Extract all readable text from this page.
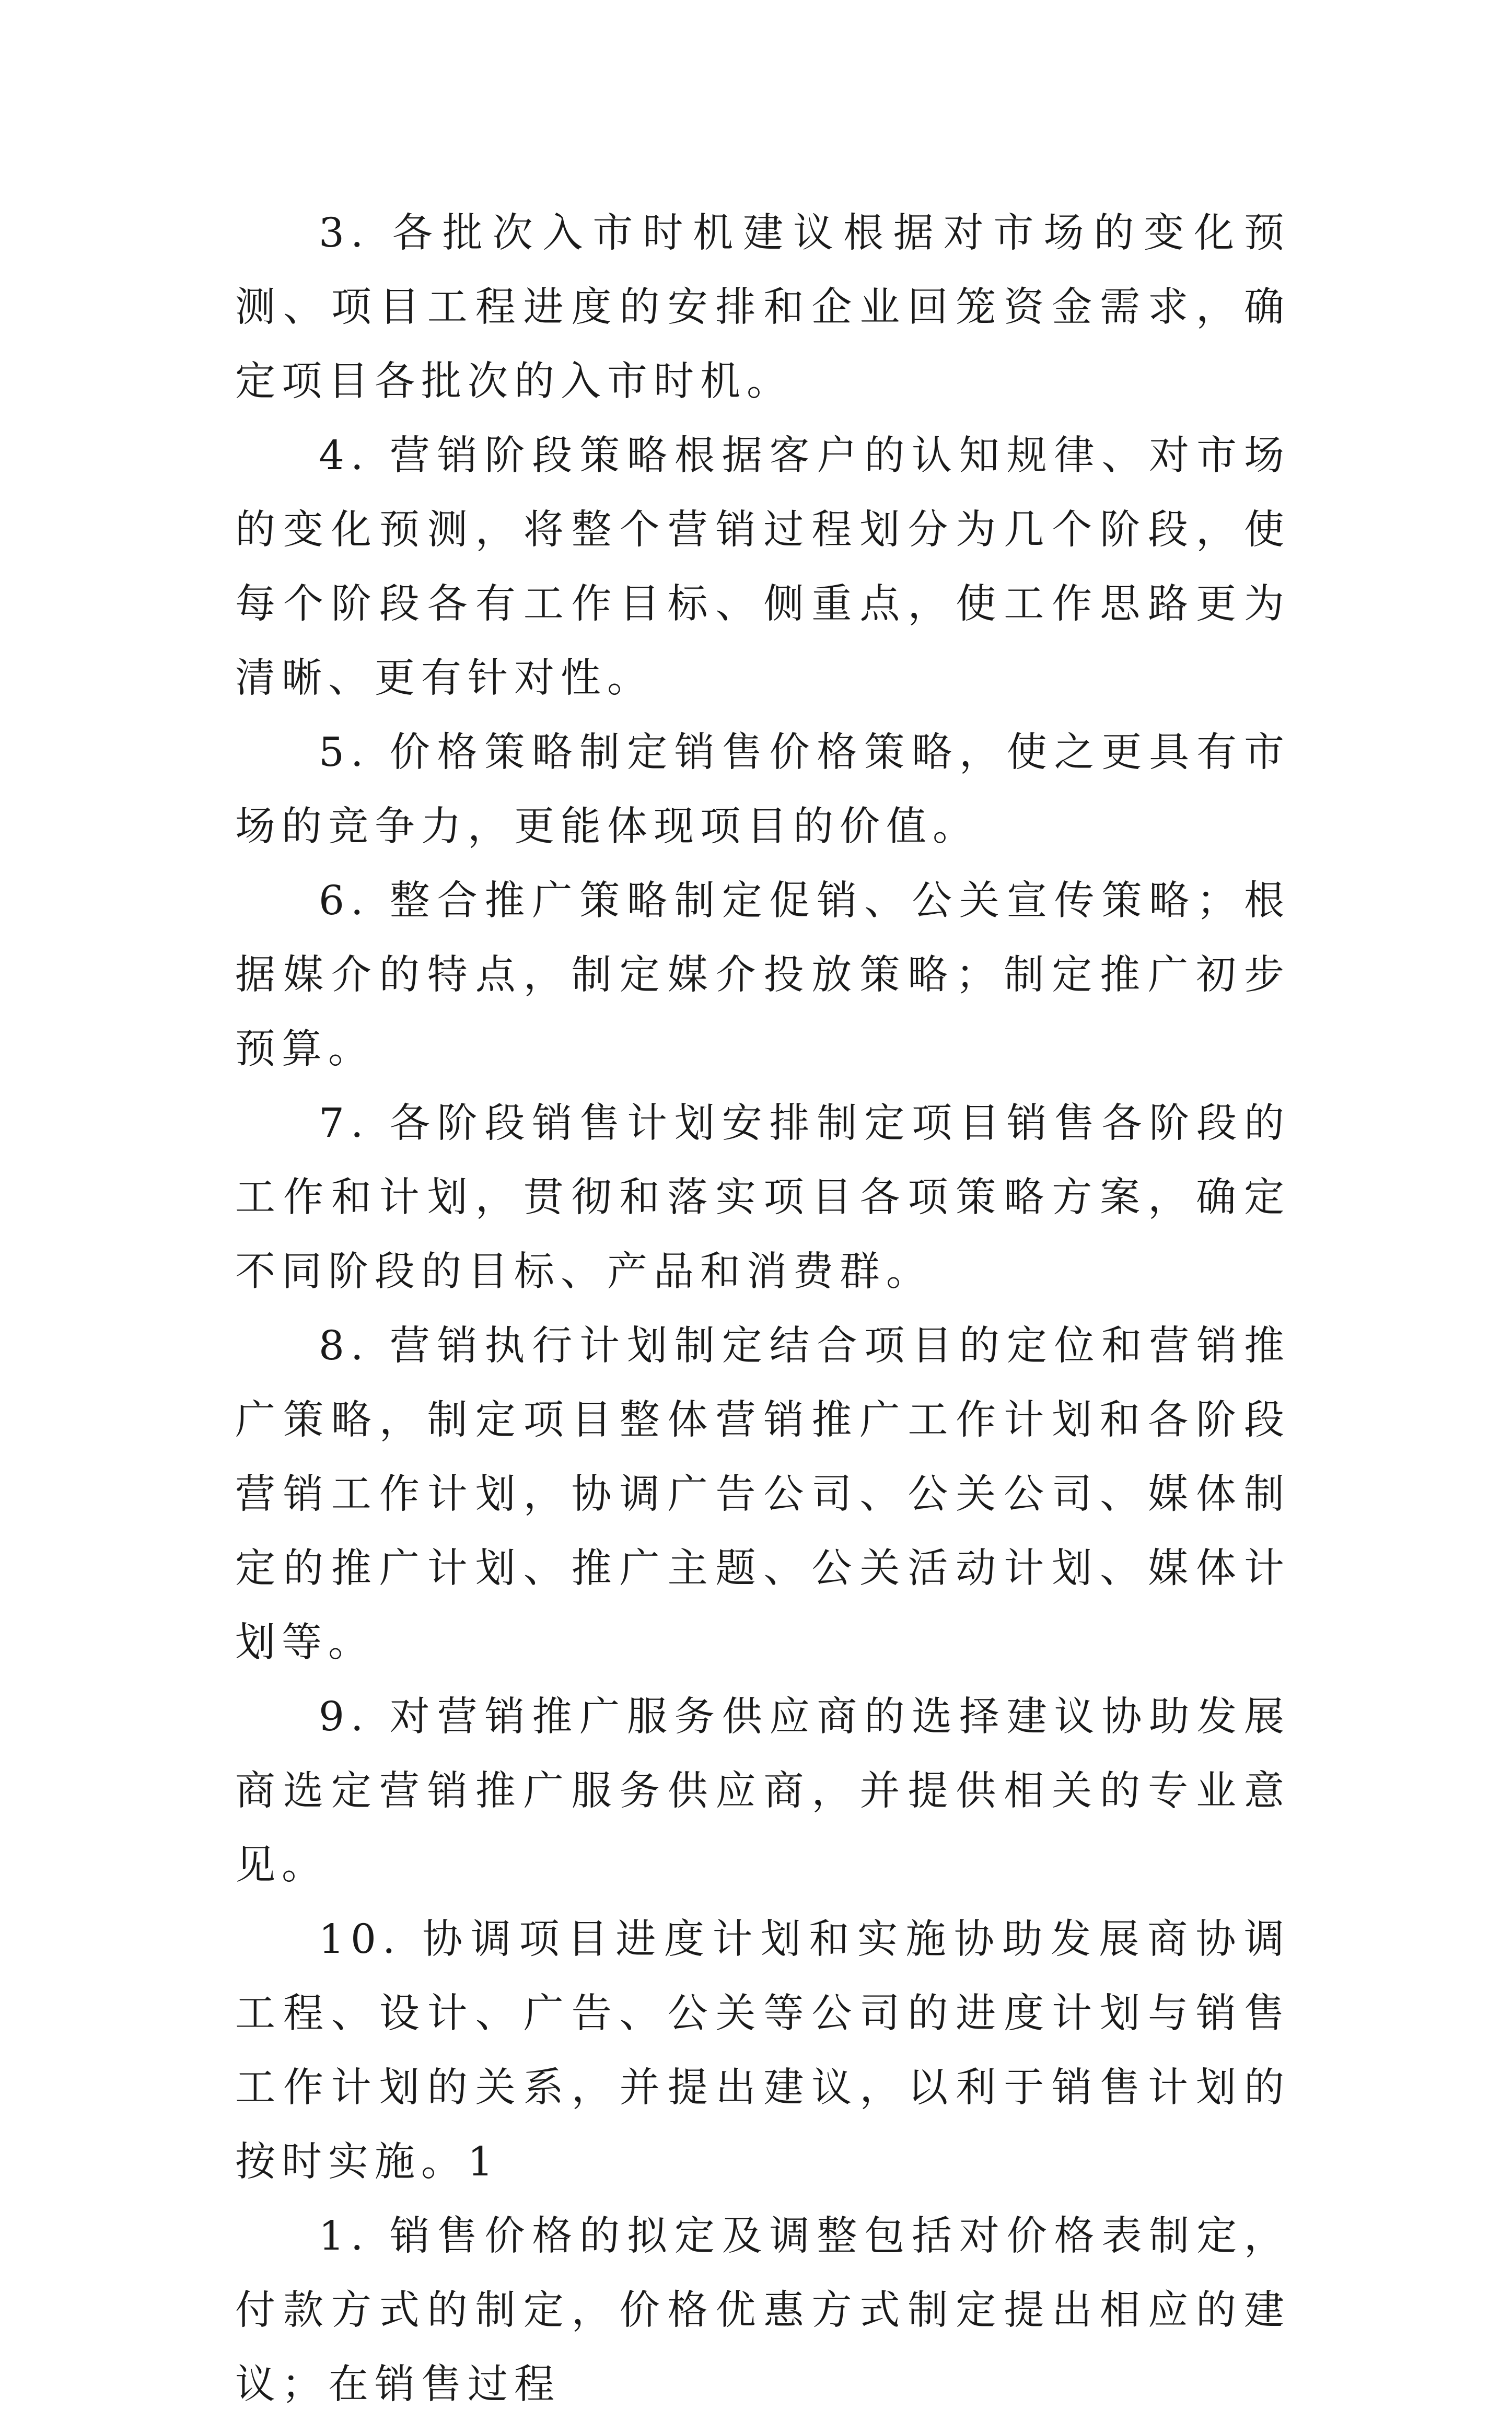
3. 各批次入市时机建议根据对市场的变化预测、项目工程进度的安排和企业回笼资金需求，确定项目各批次的入市时机。

4. 营销阶段策略根据客户的认知规律、对市场的变化预测，将整个营销过程划分为几个阶段，使每个阶段各有工作目标、侧重点，使工作思路更为清晰、更有针对性。

5. 价格策略制定销售价格策略，使之更具有市场的竞争力，更能体现项目的价值。

6. 整合推广策略制定促销、公关宣传策略；根据媒介的特点，制定媒介投放策略；制定推广初步预算。

7. 各阶段销售计划安排制定项目销售各阶段的工作和计划，贯彻和落实项目各项策略方案，确定不同阶段的目标、产品和消费群。

8. 营销执行计划制定结合项目的定位和营销推广策略，制定项目整体营销推广工作计划和各阶段营销工作计划，协调广告公司、公关公司、媒体制定的推广计划、推广主题、公关活动计划、媒体计划等。

9. 对营销推广服务供应商的选择建议协助发展商选定营销推广服务供应商，并提供相关的专业意见。

10. 协调项目进度计划和实施协助发展商协调工程、设计、广告、公关等公司的进度计划与销售工作计划的关系，并提出建议，以利于销售计划的按时实施。1

1. 销售价格的拟定及调整包括对价格表制定，付款方式的制定，价格优惠方式制定提出相应的建议；在销售过程
